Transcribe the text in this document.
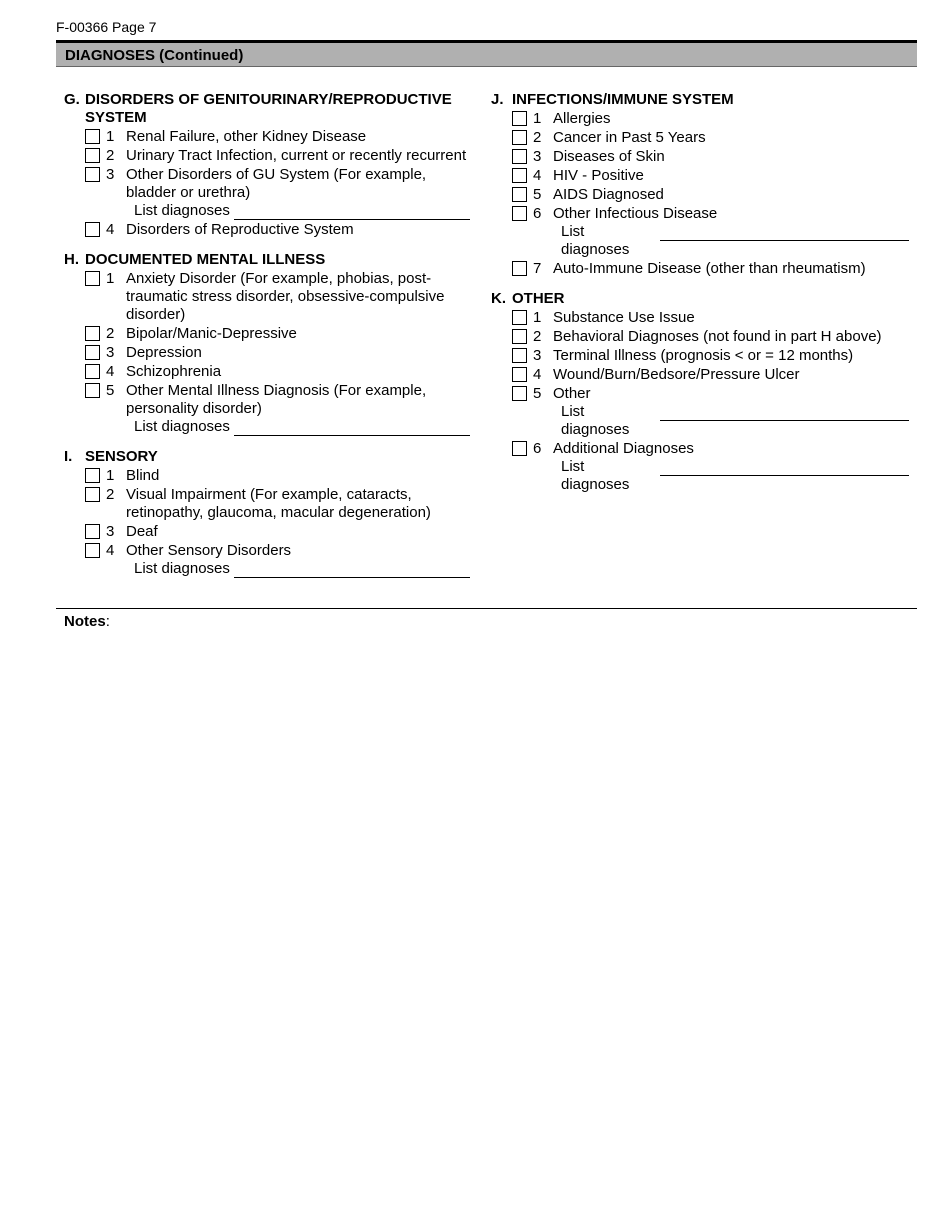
F-00366 Page 7
DIAGNOSES (Continued)
G. DISORDERS OF GENITOURINARY/REPRODUCTIVE SYSTEM
1 Renal Failure, other Kidney Disease
2 Urinary Tract Infection, current or recently recurrent
3 Other Disorders of GU System (For example, bladder or urethra)
List diagnoses
4 Disorders of Reproductive System
H. DOCUMENTED MENTAL ILLNESS
1 Anxiety Disorder (For example, phobias, post-traumatic stress disorder, obsessive-compulsive disorder)
2 Bipolar/Manic-Depressive
3 Depression
4 Schizophrenia
5 Other Mental Illness Diagnosis (For example, personality disorder)
List diagnoses
I. SENSORY
1 Blind
2 Visual Impairment (For example, cataracts, retinopathy, glaucoma, macular degeneration)
3 Deaf
4 Other Sensory Disorders
List diagnoses
J. INFECTIONS/IMMUNE SYSTEM
1 Allergies
2 Cancer in Past 5 Years
3 Diseases of Skin
4 HIV - Positive
5 AIDS Diagnosed
6 Other Infectious Disease
List diagnoses
7 Auto-Immune Disease (other than rheumatism)
K. OTHER
1 Substance Use Issue
2 Behavioral Diagnoses (not found in part H above)
3 Terminal Illness (prognosis < or = 12 months)
4 Wound/Burn/Bedsore/Pressure Ulcer
5 Other
List diagnoses
6 Additional Diagnoses
List diagnoses
Notes:
